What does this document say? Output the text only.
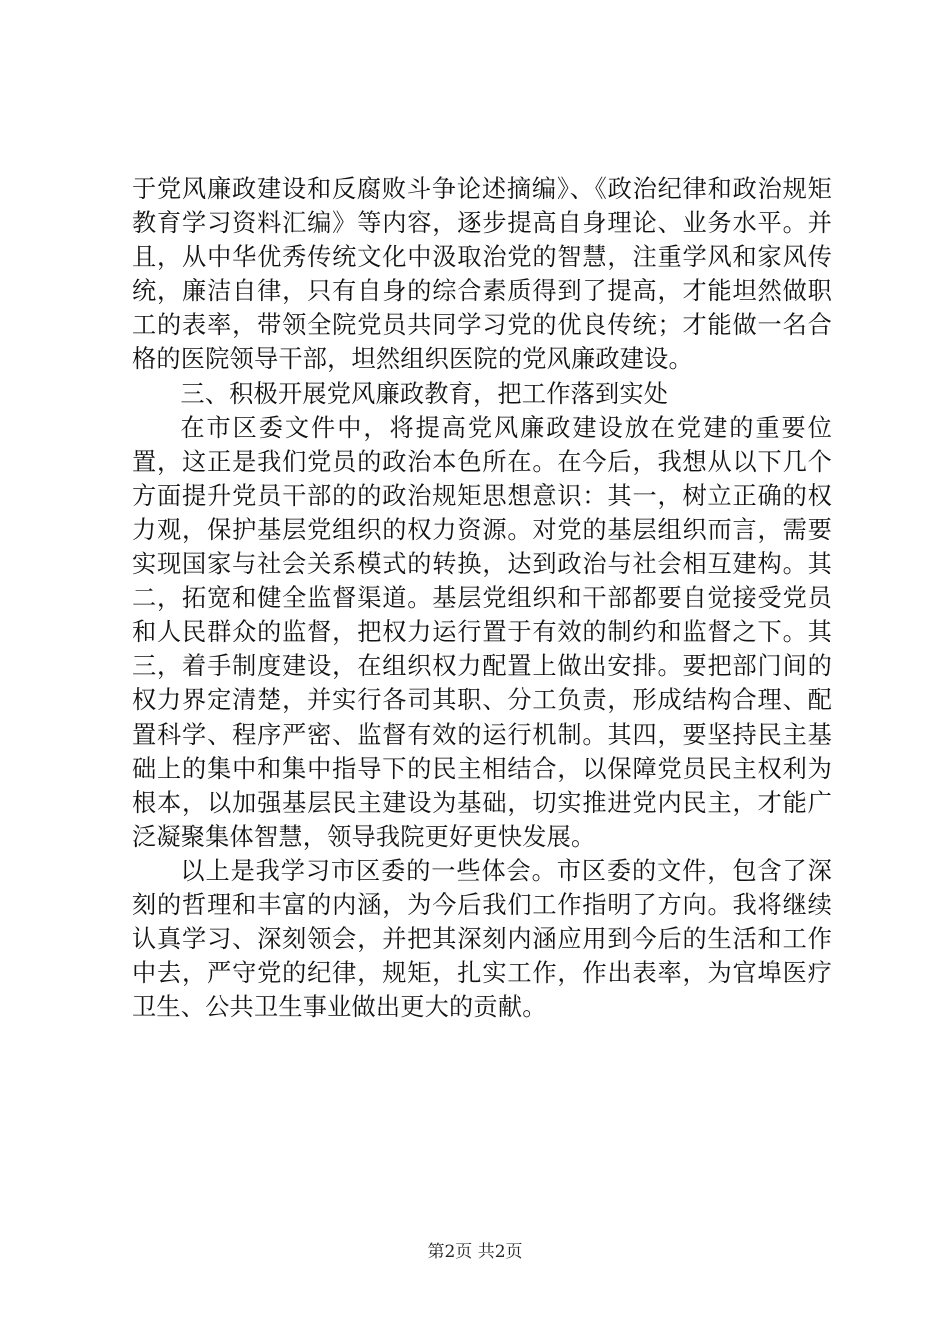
于党风廉政建设和反腐败斗争论述摘编》、《政治纪律和政治规矩教育学习资料汇编》等内容，逐步提高自身理论、业务水平。并且，从中华优秀传统文化中汲取治党的智慧，注重学风和家风传统，廉洁自律，只有自身的综合素质得到了提高，才能坦然做职工的表率，带领全院党员共同学习党的优良传统；才能做一名合格的医院领导干部，坦然组织医院的党风廉政建设。

三、积极开展党风廉政教育，把工作落到实处

在市区委文件中，将提高党风廉政建设放在党建的重要位置，这正是我们党员的政治本色所在。在今后，我想从以下几个方面提升党员干部的的政治规矩思想意识：其一，树立正确的权力观，保护基层党组织的权力资源。对党的基层组织而言，需要实现国家与社会关系模式的转换，达到政治与社会相互建构。其二，拓宽和健全监督渠道。基层党组织和干部都要自觉接受党员和人民群众的监督，把权力运行置于有效的制约和监督之下。其三，着手制度建设，在组织权力配置上做出安排。要把部门间的权力界定清楚，并实行各司其职、分工负责，形成结构合理、配置科学、程序严密、监督有效的运行机制。其四，要坚持民主基础上的集中和集中指导下的民主相结合，以保障党员民主权利为根本，以加强基层民主建设为基础，切实推进党内民主，才能广泛凝聚集体智慧，领导我院更好更快发展。

以上是我学习市区委的一些体会。市区委的文件，包含了深刻的哲理和丰富的内涵，为今后我们工作指明了方向。我将继续认真学习、深刻领会，并把其深刻内涵应用到今后的生活和工作中去，严守党的纪律，规矩，扎实工作，作出表率，为官埠医疗卫生、公共卫生事业做出更大的贡献。

第2页 共2页
